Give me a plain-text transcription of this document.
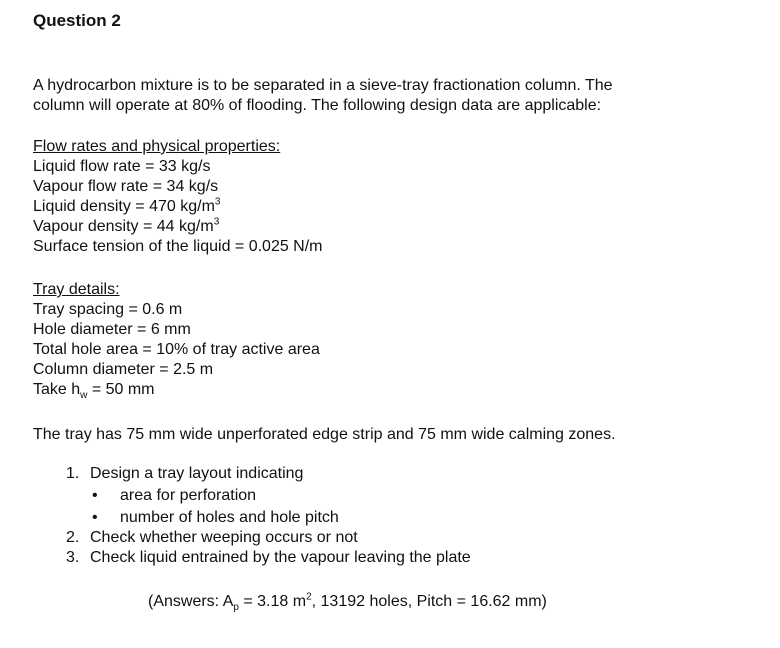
Question 2
A hydrocarbon mixture is to be separated in a sieve-tray fractionation column. The
column will operate at 80% of flooding. The following design data are applicable:
Flow rates and physical properties:
Liquid flow rate = 33 kg/s
Vapour flow rate = 34 kg/s
Liquid density = 470 $kg/m^3$
Vapour density = 44 $kg/m^3$
Surface tension of the liquid = 0.025 N/m
Tray details:
Tray spacing = 0.6 m
Hole diameter = 6 mm
Total hole area = 10% of tray active area
Column diameter = 2.5 m
Take $h_w = 50$ mm
The tray has 75 mm wide unperforated edge strip and 75 mm wide calming zones.
1. Design a tray layout indicating
• area for perforation
• number of holes and hole pitch
2. Check whether weeping occurs or not
3. Check liquid entrained by the vapour leaving the plate
(Answers: $A_p = 3.18$ $m^2$, 13192 holes, Pitch = 16.62 mm)
